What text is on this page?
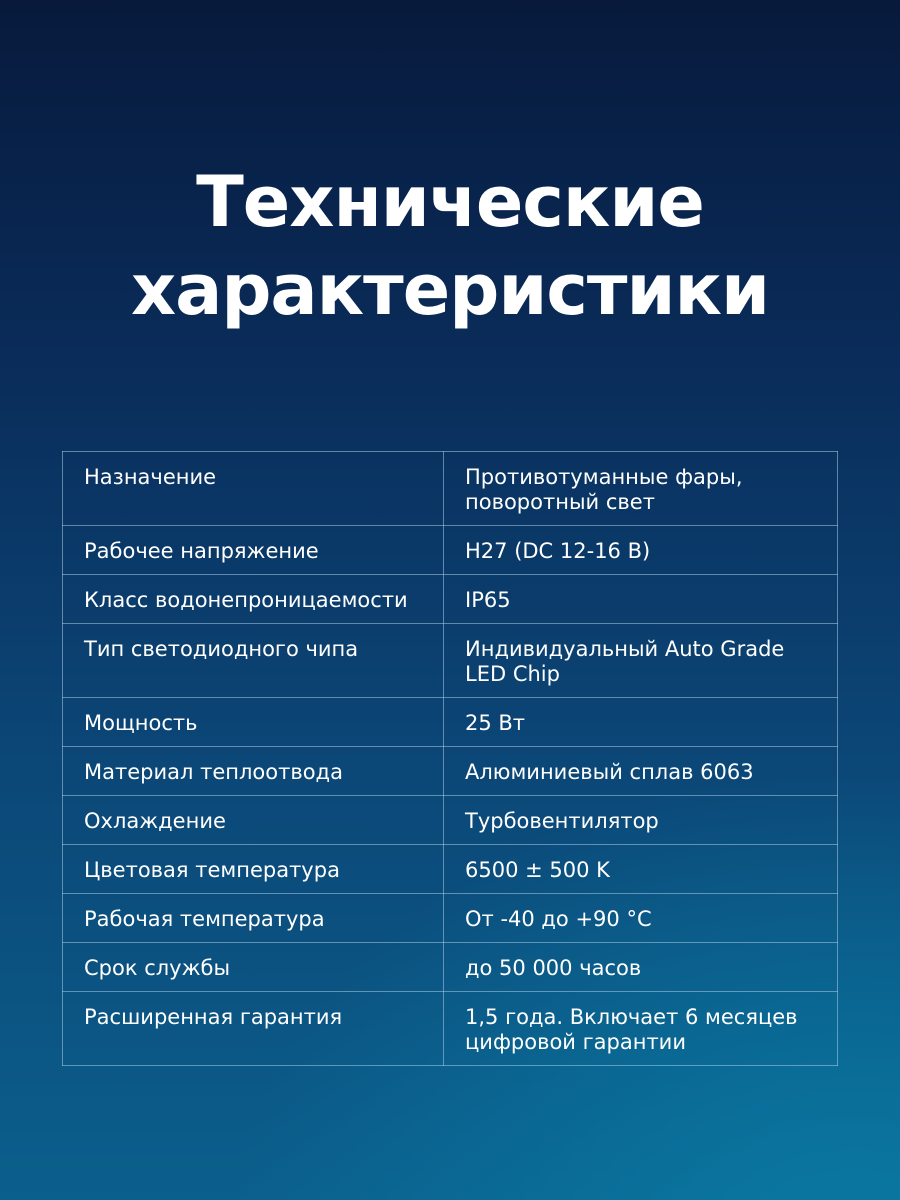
Технические
характеристики
Назначение	Противотуманные фары, поворотный свет
Рабочее напряжение	H27 (DC 12-16 В)
Класс водонепроницаемости	IP65
Тип светодиодного чипа	Индивидуальный Auto Grade LED Chip
Мощность	25 Вт
Материал теплоотвода	Алюминиевый сплав 6063
Охлаждение	Турбовентилятор
Цветовая температура	6500 ± 500 K
Рабочая температура	От -40 до +90 °С
Срок службы	до 50 000 часов
Расширенная гарантия	1,5 года. Включает 6 месяцев цифровой гарантии
